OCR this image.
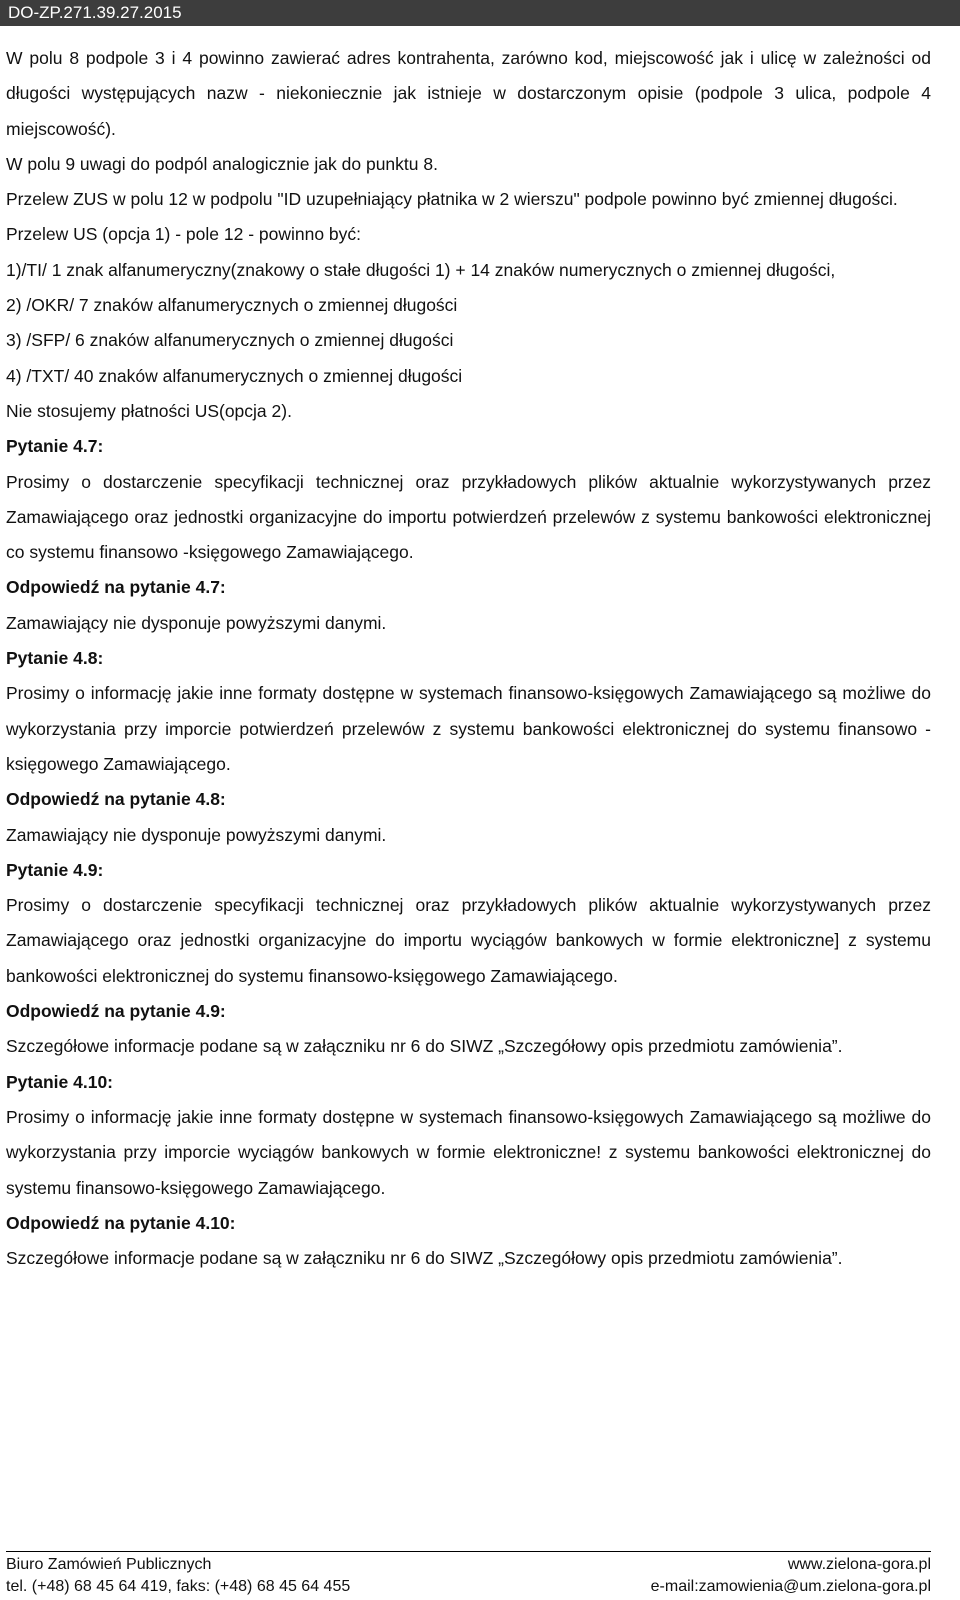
DO-ZP.271.39.27.2015

W polu 8 podpole 3 i 4 powinno zawierać adres kontrahenta, zarówno kod, miejscowość jak i ulicę w zależności od długości występujących nazw - niekoniecznie jak istnieje w dostarczonym opisie (podpole 3 ulica, podpole 4 miejscowość).

W polu 9 uwagi do podpól analogicznie jak do punktu 8.

Przelew ZUS w polu 12 w podpolu "ID uzupełniający płatnika w 2 wierszu" podpole powinno być zmiennej długości.

Przelew US (opcja 1) - pole 12 - powinno być:

1)/TI/ 1 znak alfanumeryczny(znakowy o stałe długości 1) + 14 znaków numerycznych o zmiennej długości,

2) /OKR/ 7 znaków alfanumerycznych o zmiennej długości

3) /SFP/ 6 znaków alfanumerycznych o zmiennej długości

4) /TXT/ 40 znaków alfanumerycznych o zmiennej długości

Nie stosujemy płatności US(opcja 2).

Pytanie 4.7:

Prosimy o dostarczenie specyfikacji technicznej oraz przykładowych plików aktualnie wykorzystywanych przez Zamawiającego oraz jednostki organizacyjne do importu potwierdzeń przelewów z systemu bankowości elektronicznej co systemu finansowo -księgowego Zamawiającego.

Odpowiedź na pytanie 4.7:

Zamawiający nie dysponuje powyższymi danymi.

Pytanie 4.8:

Prosimy o informację jakie inne formaty dostępne w systemach finansowo-księgowych Zamawiającego są możliwe do wykorzystania przy imporcie potwierdzeń przelewów z systemu bankowości elektronicznej do systemu finansowo - księgowego Zamawiającego.

Odpowiedź na pytanie 4.8:

Zamawiający nie dysponuje powyższymi danymi.

Pytanie 4.9:

Prosimy o dostarczenie specyfikacji technicznej oraz przykładowych plików aktualnie wykorzystywanych przez Zamawiającego oraz jednostki organizacyjne do importu wyciągów bankowych w formie elektroniczne] z systemu bankowości elektronicznej do systemu finansowo-księgowego Zamawiającego.

Odpowiedź na pytanie 4.9:

Szczegółowe informacje podane są w załączniku nr 6 do SIWZ „Szczegółowy opis przedmiotu zamówienia”.

Pytanie 4.10:

Prosimy o informację jakie inne formaty dostępne w systemach finansowo-księgowych Zamawiającego są możliwe do wykorzystania przy imporcie wyciągów bankowych w formie elektroniczne! z systemu bankowości elektronicznej do systemu finansowo-księgowego Zamawiającego.

Odpowiedź na pytanie 4.10:

Szczegółowe informacje podane są w załączniku nr 6 do SIWZ „Szczegółowy opis przedmiotu zamówienia”.

Biuro Zamówień Publicznych	www.zielona-gora.pl
tel. (+48) 68 45 64 419, faks: (+48) 68 45 64 455	e-mail:zamowienia@um.zielona-gora.pl
